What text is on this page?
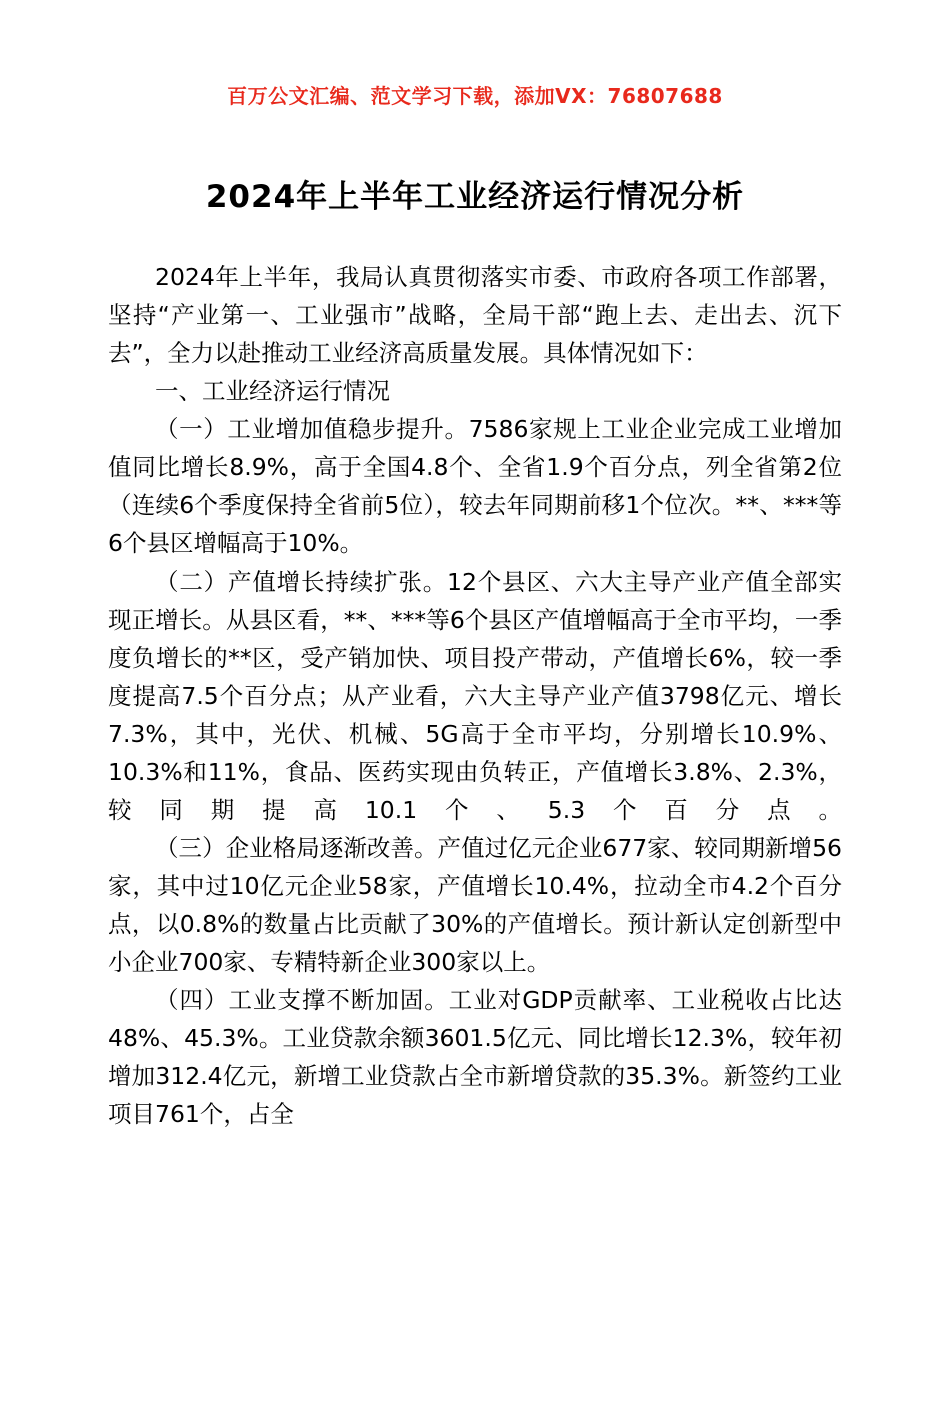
百万公文汇编、范文学习下载，添加VX：76807688
2024年上半年工业经济运行情况分析

2024年上半年，我局认真贯彻落实市委、市政府各项工作部署，坚持“产业第一、工业强市”战略，全局干部“跑上去、走出去、沉下去”，全力以赴推动工业经济高质量发展。具体情况如下：

一、工业经济运行情况

（一）工业增加值稳步提升。7586家规上工业企业完成工业增加值同比增长8.9%，高于全国4.8个、全省1.9个百分点，列全省第2位（连续6个季度保持全省前5位），较去年同期前移1个位次。**、***等6个县区增幅高于10%。

（二）产值增长持续扩张。12个县区、六大主导产业产值全部实现正增长。从县区看，**、***等6个县区产值增幅高于全市平均，一季度负增长的**区，受产销加快、项目投产带动，产值增长6%，较一季度提高7.5个百分点；从产业看，六大主导产业产值3798亿元、增长7.3%，其中，光伏、机械、5G高于全市平均，分别增长10.9%、10.3%和11%，食品、医药实现由负转正，产值增长3.8%、2.3%，较同期提高10.1个、5.3个百分点。

（三）企业格局逐渐改善。产值过亿元企业677家、较同期新增56家，其中过10亿元企业58家，产值增长10.4%，拉动全市4.2个百分点，以0.8%的数量占比贡献了30%的产值增长。预计新认定创新型中小企业700家、专精特新企业300家以上。

（四）工业支撑不断加固。工业对GDP贡献率、工业税收占比达48%、45.3%。工业贷款余额3601.5亿元、同比增长12.3%，较年初增加312.4亿元，新增工业贷款占全市新增贷款的35.3%。新签约工业项目761个，占全
